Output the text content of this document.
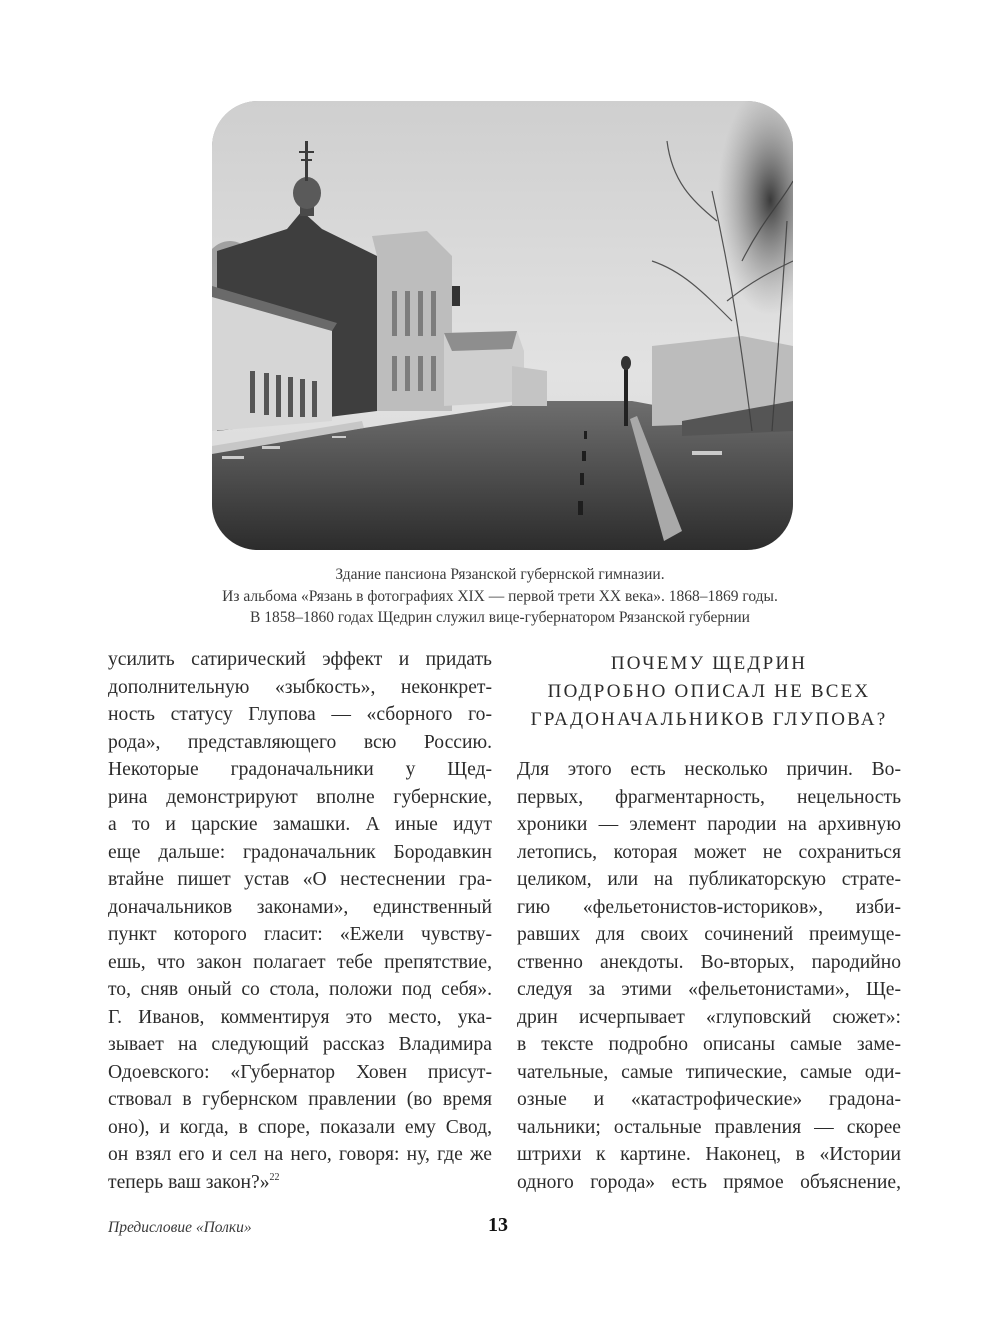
Здание пансиона Рязанской губернской гимназии.
Из альбома «Рязань в фотографиях XIX — первой трети XX века». 1868–1869 годы.
В 1858–1860 годах Щедрин служил вице-губернатором Рязанской губернии
усилить сатирический эффект и придать
дополнительную «зыбкость», неконкрет-
ность статусу Глупова — «сборного го-
рода», представляющего всю Россию.
Некоторые градоначальники у Щед-
рина демонстрируют вполне губернские,
а то и царские замашки. А иные идут
еще дальше: градоначальник Бородавкин
втайне пишет устав «О нестеснении гра-
доначальников законами», единственный
пункт которого гласит: «Ежели чувству-
ешь, что закон полагает тебе препятствие,
то, сняв оный со стола, положи под себя».
Г. Иванов, комментируя это место, ука-
зывает на следующий рассказ Владимира
Одоевского: «Губернатор Ховен присут-
ствовал в губернском правлении (во время
оно), и когда, в споре, показали ему Свод,
он взял его и сел на него, говоря: ну, где же
теперь ваш закон?»$^{22}$
ПОЧЕМУ ЩЕДРИН
ПОДРОБНО ОПИСАЛ НЕ ВСЕХ
ГРАДОНАЧАЛЬНИКОВ ГЛУПОВА?
Для этого есть несколько причин. Во-
первых, фрагментарность, нецельность
хроники — элемент пародии на архивную
летопись, которая может не сохраниться
целиком, или на публикаторскую страте-
гию «фельетонистов-историков», изби-
равших для своих сочинений преимуще-
ственно анекдоты. Во-вторых, пародийно
следуя за этими «фельетонистами», Ще-
дрин исчерпывает «глуповский сюжет»:
в тексте подробно описаны самые заме-
чательные, самые типические, самые оди-
озные и «катастрофические» градона-
чальники; остальные правления — скорее
штрихи к картине. Наконец, в «Истории
одного города» есть прямое объяснение,
Предисловие «Полки»	13
